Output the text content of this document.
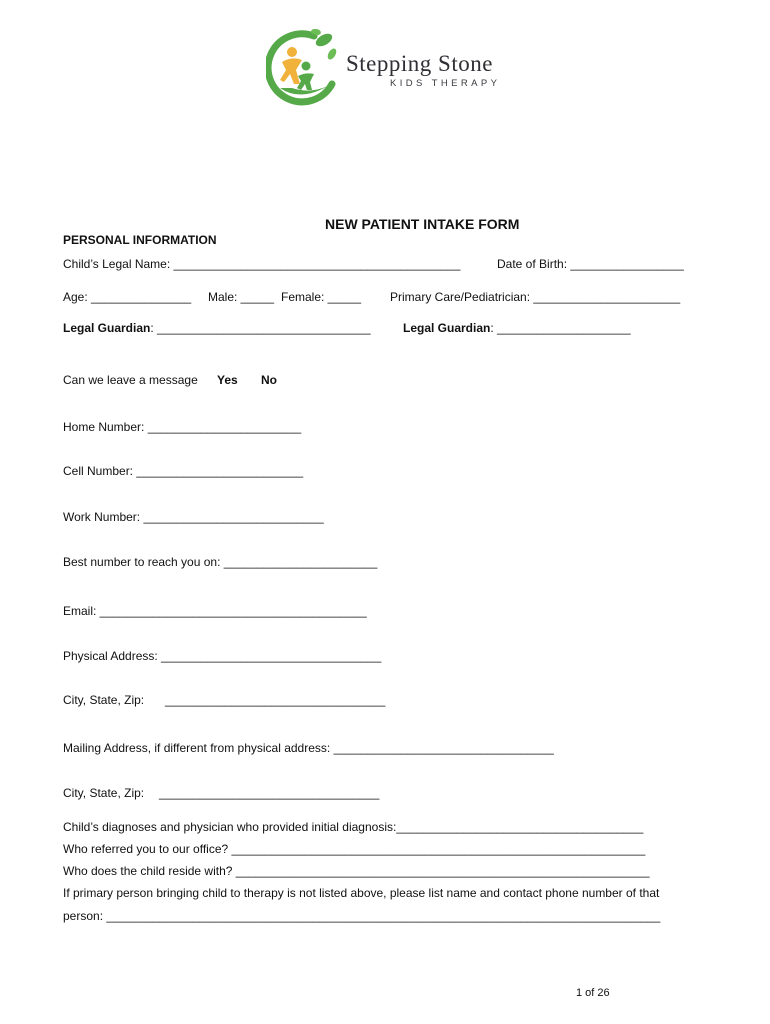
Stepping Stone
KIDS THERAPY
NEW PATIENT INTAKE FORM
PERSONAL INFORMATION
Child’s Legal Name: ___________________________________________	Date of Birth: _________________
Age: _______________ Male: _____ Female: _____ Primary Care/Pediatrician: ______________________
Legal Guardian: ________________________________	Legal Guardian: ____________________
Can we leave a message Yes No
Home Number: _______________________
Cell Number: _________________________
Work Number: ___________________________
Best number to reach you on: _______________________
Email: ________________________________________
Physical Address: _________________________________
City, State, Zip: _________________________________
Mailing Address, if different from physical address: _________________________________
City, State, Zip: _________________________________
Child’s diagnoses and physician who provided initial diagnosis:_____________________________________
Who referred you to our office? ______________________________________________________________
Who does the child reside with? ______________________________________________________________
If primary person bringing child to therapy is not listed above, please list name and contact phone number of that
person: ___________________________________________________________________________________
1 of 26
